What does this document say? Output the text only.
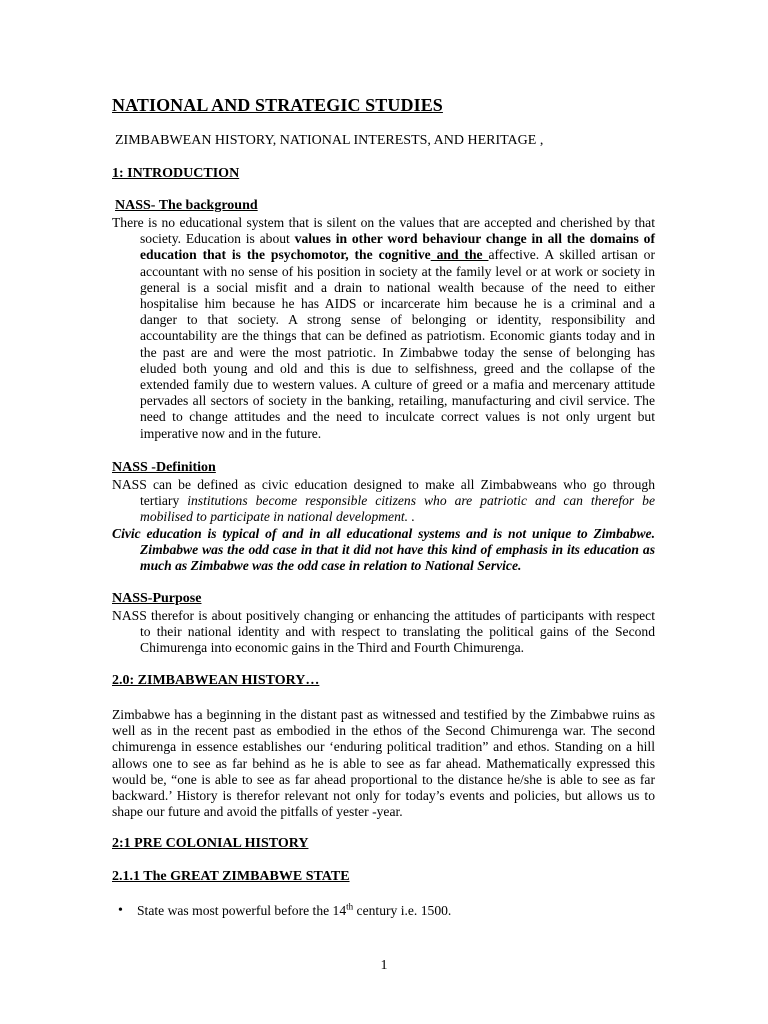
NATIONAL AND STRATEGIC STUDIES
ZIMBABWEAN HISTORY, NATIONAL INTERESTS, AND HERITAGE ,
1: INTRODUCTION
NASS- The background
There is no educational system that is silent on the values that are accepted and cherished by that
society. Education is about values in other word behaviour change in all the domains of
education that is the psychomotor, the cognitive and the affective. A skilled artisan or
accountant with no sense of his position in society at the family level or at work or society in
general is a social misfit and a drain to national wealth because of the need to either
hospitalise him because he has AIDS or incarcerate him because he is a criminal and a
danger to that society. A strong sense of belonging or identity, responsibility and
accountability are the things that can be defined as patriotism. Economic giants today and in
the past are and were the most patriotic. In Zimbabwe today the sense of belonging has
eluded both young and old and this is due to selfishness, greed and the collapse of the
extended family due to western values. A culture of greed or a mafia and mercenary attitude
pervades all sectors of society in the banking, retailing, manufacturing and civil service. The
need to change attitudes and the need to inculcate correct values is not only urgent but
imperative now and in the future.
NASS -Definition
NASS can be defined as civic education designed to make all Zimbabweans who go through
tertiary institutions become responsible citizens who are patriotic and can therefor be
mobilised to participate in national development. .
Civic education is typical of and in all educational systems and is not unique to Zimbabwe.
Zimbabwe was the odd case in that it did not have this kind of emphasis in its education as
much as Zimbabwe was the odd case in relation to National Service.
NASS-Purpose
NASS therefor is about positively changing or enhancing the attitudes of participants with respect
to their national identity and with respect to translating the political gains of the Second
Chimurenga into economic gains in the Third and Fourth Chimurenga.
2.0: ZIMBABWEAN HISTORY…
Zimbabwe has a beginning in the distant past as witnessed and testified by the Zimbabwe ruins as
well as in the recent past as embodied in the ethos of the Second Chimurenga war. The second
chimurenga in essence establishes our ‘enduring political tradition” and ethos. Standing on a hill
allows one to see as far behind as he is able to see as far ahead. Mathematically expressed this
would be, “one is able to see as far ahead proportional to the distance he/she is able to see as far
backward.’ History is therefor relevant not only for today’s events and policies, but allows us to
shape our future and avoid the pitfalls of yester -year.
2:1 PRE COLONIAL HISTORY
2.1.1 The GREAT ZIMBABWE STATE
• State was most powerful before the 14th century i.e. 1500.
1
